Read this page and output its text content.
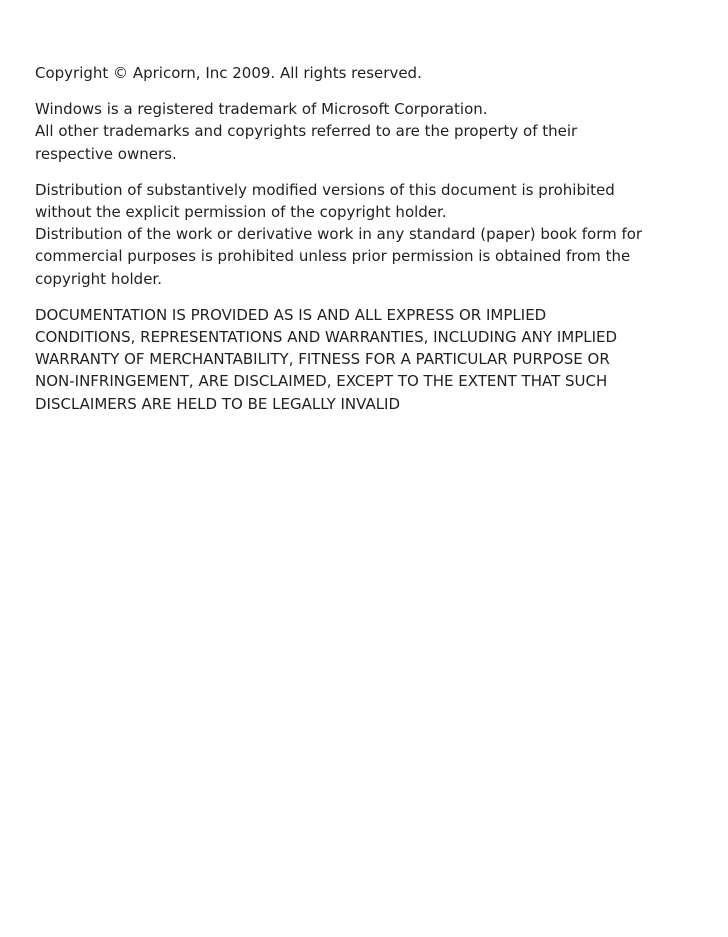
Copyright © Apricorn, Inc 2009. All rights reserved.

Windows is a registered trademark of Microsoft Corporation.
All other trademarks and copyrights referred to are the property of their
respective owners.

Distribution of substantively modified versions of this document is prohibited
without the explicit permission of the copyright holder.
Distribution of the work or derivative work in any standard (paper) book form for
commercial purposes is prohibited unless prior permission is obtained from the
copyright holder.

DOCUMENTATION IS PROVIDED AS IS AND ALL EXPRESS OR IMPLIED
CONDITIONS, REPRESENTATIONS AND WARRANTIES, INCLUDING ANY IMPLIED
WARRANTY OF MERCHANTABILITY, FITNESS FOR A PARTICULAR PURPOSE OR
NON-INFRINGEMENT, ARE DISCLAIMED, EXCEPT TO THE EXTENT THAT SUCH
DISCLAIMERS ARE HELD TO BE LEGALLY INVALID
